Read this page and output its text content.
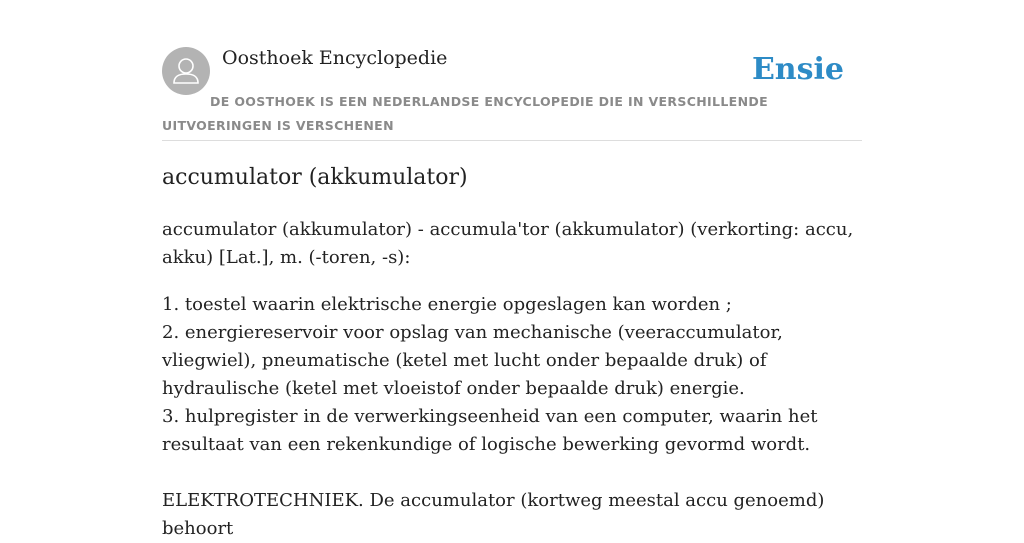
Oosthoek Encyclopedie	Ensie

DE OOSTHOEK IS EEN NEDERLANDSE ENCYCLOPEDIE DIE IN VERSCHILLENDE UITVOERINGEN IS VERSCHENEN

accumulator (akkumulator)

accumulator (akkumulator) - accumula'tor (akkumulator) (verkorting: accu, akku) [Lat.], m. (-toren, -s):

1. toestel waarin elektrische energie opgeslagen kan worden ;
2. energiereservoir voor opslag van mechanische (veeraccumulator, vliegwiel), pneumatische (ketel met lucht onder bepaalde druk) of hydraulische (ketel met vloeistof onder bepaalde druk) energie.
3. hulpregister in de verwerkingseenheid van een computer, waarin het resultaat van een rekenkundige of logische bewerking gevormd wordt.

ELEKTROTECHNIEK. De accumulator (kortweg meestal accu genoemd) behoort
